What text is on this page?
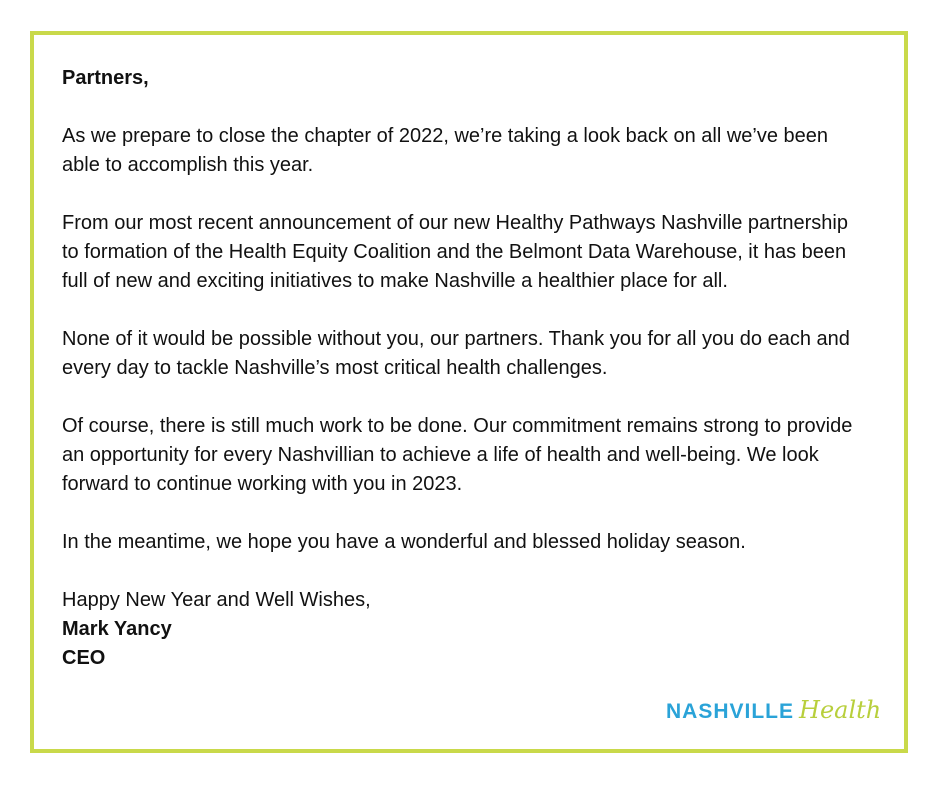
Partners,

As we prepare to close the chapter of 2022, we’re taking a look back on all we’ve been able to accomplish this year.

From our most recent announcement of our new Healthy Pathways Nashville partnership to formation of the Health Equity Coalition and the Belmont Data Warehouse, it has been full of new and exciting initiatives to make Nashville a healthier place for all.

None of it would be possible without you, our partners. Thank you for all you do each and every day to tackle Nashville’s most critical health challenges.

Of course, there is still much work to be done. Our commitment remains strong to provide an opportunity for every Nashvillian to achieve a life of health and well-being. We look forward to continue working with you in 2023.

In the meantime, we hope you have a wonderful and blessed holiday season.

Happy New Year and Well Wishes,

Mark Yancy

CEO

NASHVILLE Health
